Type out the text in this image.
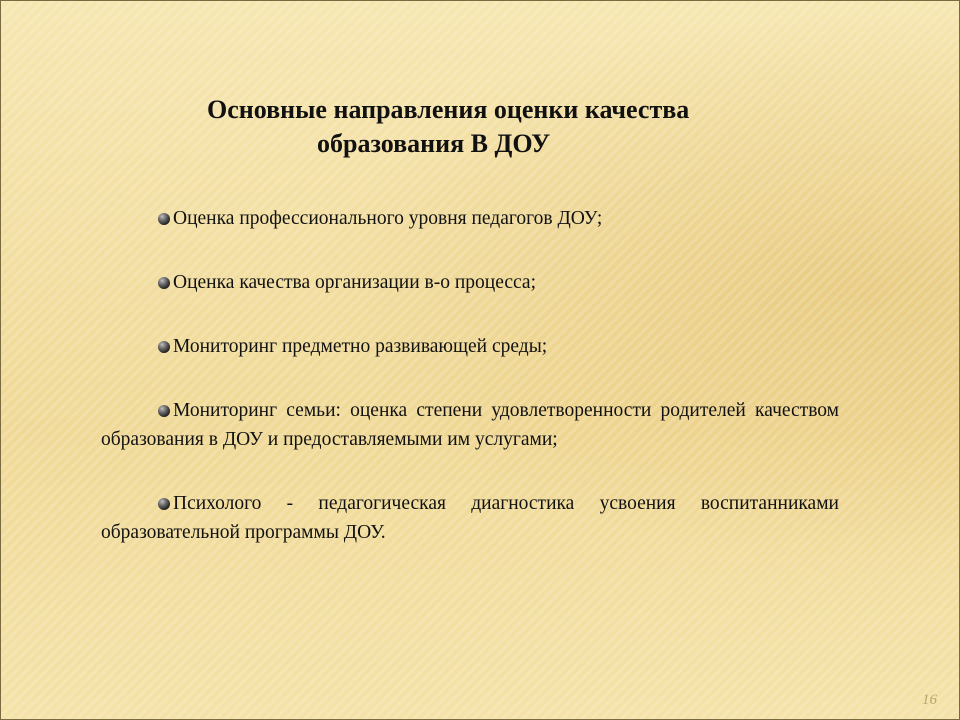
Основные направления оценки качества
образования В ДОУ

Оценка профессионального уровня педагогов ДОУ;

Оценка качества организации в-о процесса;

Мониторинг предметно развивающей среды;

Мониторинг семьи: оценка степени удовлетворенности родителей качеством образования в ДОУ и предоставляемыми им услугами;

Психолого - педагогическая диагностика усвоения воспитанниками образовательной программы ДОУ.

16
